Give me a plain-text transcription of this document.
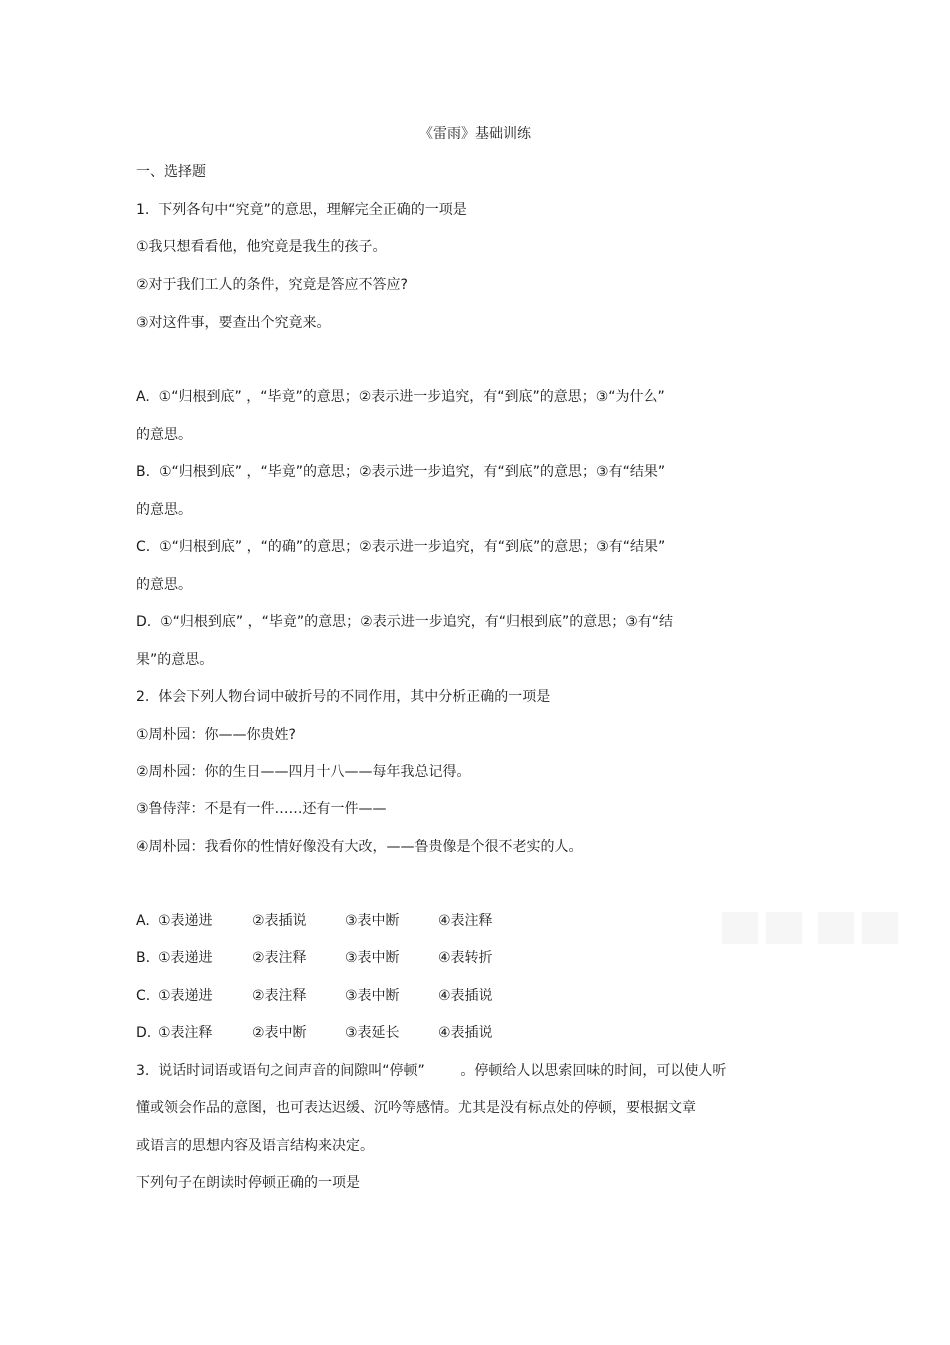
《雷雨》基础训练

一、选择题

1.  下列各句中“究竟”的意思，理解完全正确的一项是

①我只想看看他，他究竟是我生的孩子。

②对于我们工人的条件，究竟是答应不答应?

③对这件事，要查出个究竟来。

A.  ①“归根到底” ，“毕竟”的意思；②表示进一步追究，有“到底”的意思；③“为什么”

的意思。

B.  ①“归根到底” ，“毕竟”的意思；②表示进一步追究，有“到底”的意思；③有“结果”

的意思。

C.  ①“归根到底” ，“的确”的意思；②表示进一步追究，有“到底”的意思；③有“结果”

的意思。

D.  ①“归根到底” ，“毕竟”的意思；②表示进一步追究，有“归根到底”的意思；③有“结

果”的意思。

2.  体会下列人物台词中破折号的不同作用，其中分析正确的一项是

①周朴园：你——你贵姓?

②周朴园：你的生日——四月十八——每年我总记得。

③鲁侍萍：不是有一件……还有一件——

④周朴园：我看你的性情好像没有大改，——鲁贵像是个很不老实的人。

A. ①表递进	②表插说	③表中断	④表注释
B. ①表递进	②表注释	③表中断	④表转折
C. ①表递进	②表注释	③表中断	④表插说
D. ①表注释	②表中断	③表延长	④表插说

3.  说话时词语或语句之间声音的间隙叫“停顿”        。停顿给人以思索回味的时间，可以使人听

懂或领会作品的意图，也可表达迟缓、沉吟等感情。尤其是没有标点处的停顿，要根据文章

或语言的思想内容及语言结构来决定。

下列句子在朗读时停顿正确的一项是
